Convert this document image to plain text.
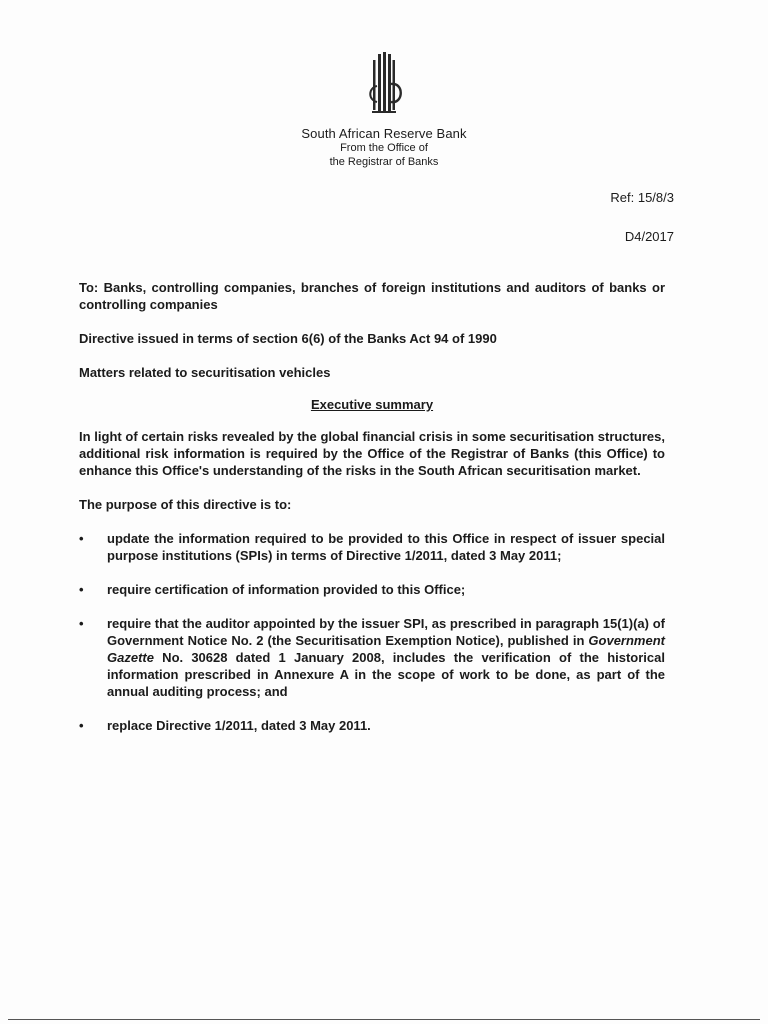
South African Reserve Bank
From the Office of
the Registrar of Banks
Ref: 15/8/3
D4/2017

To: Banks, controlling companies, branches of foreign institutions and auditors of banks or controlling companies

Directive issued in terms of section 6(6) of the Banks Act 94 of 1990

Matters related to securitisation vehicles

Executive summary

In light of certain risks revealed by the global financial crisis in some securitisation structures, additional risk information is required by the Office of the Registrar of Banks (this Office) to enhance this Office's understanding of the risks in the South African securitisation market.

The purpose of this directive is to:

• update the information required to be provided to this Office in respect of issuer special purpose institutions (SPIs) in terms of Directive 1/2011, dated 3 May 2011;
• require certification of information provided to this Office;
• require that the auditor appointed by the issuer SPI, as prescribed in paragraph 15(1)(a) of Government Notice No. 2 (the Securitisation Exemption Notice), published in Government Gazette No. 30628 dated 1 January 2008, includes the verification of the historical information prescribed in Annexure A in the scope of work to be done, as part of the annual auditing process; and
• replace Directive 1/2011, dated 3 May 2011.
